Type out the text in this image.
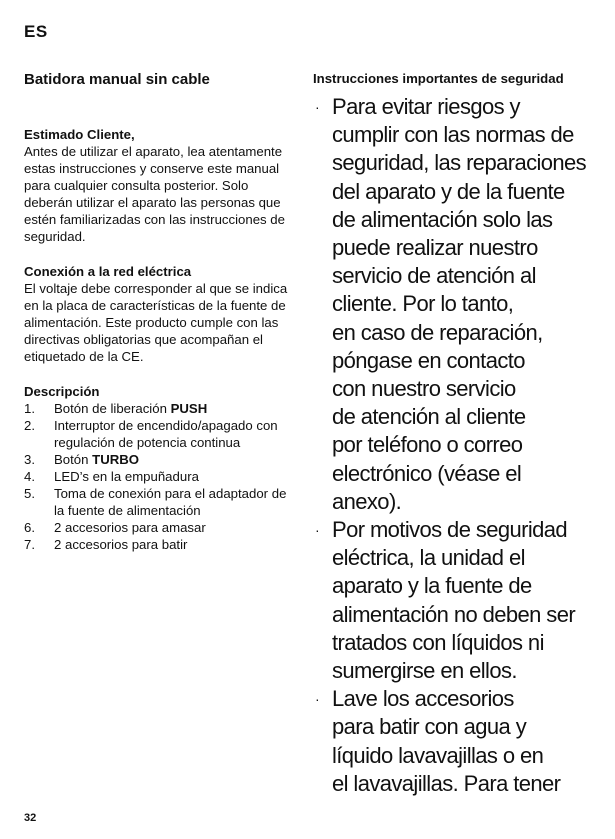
ES
Batidora manual sin cable
Estimado Cliente,
Antes de utilizar el aparato, lea atentamente estas instrucciones y conserve este manual para cualquier consulta posterior. Solo deberán utilizar el aparato las personas que estén familiarizadas con las instrucciones de seguridad.
Conexión a la red eléctrica
El voltaje debe corresponder al que se indica en la placa de características de la fuente de alimentación. Este producto cumple con las directivas obligatorias que acompañan el etiquetado de la CE.
Descripción
1.	Botón de liberación PUSH
2.	Interruptor de encendido/apagado con regulación de potencia continua
3.	Botón TURBO
4.	LED’s en la empuñadura
5.	Toma de conexión para el adaptador de la fuente de alimentación
6.	2 accesorios para amasar
7.	2 accesorios para batir
Instrucciones importantes de seguridad
· Para evitar riesgos y
cumplir con las normas de
seguridad, las reparaciones
del aparato y de la fuente
de alimentación solo las
puede realizar nuestro
servicio de atención al
cliente. Por lo tanto,
en caso de reparación,
póngase en contacto
con nuestro servicio
de atención al cliente
por teléfono o correo
electrónico (véase el
anexo).
· Por motivos de seguridad
eléctrica, la unidad el
aparato y la fuente de
alimentación no deben ser
tratados con líquidos ni
sumergirse en ellos.
· Lave los accesorios
para batir con agua y
líquido lavavajillas o en
el lavavajillas. Para tener
32
